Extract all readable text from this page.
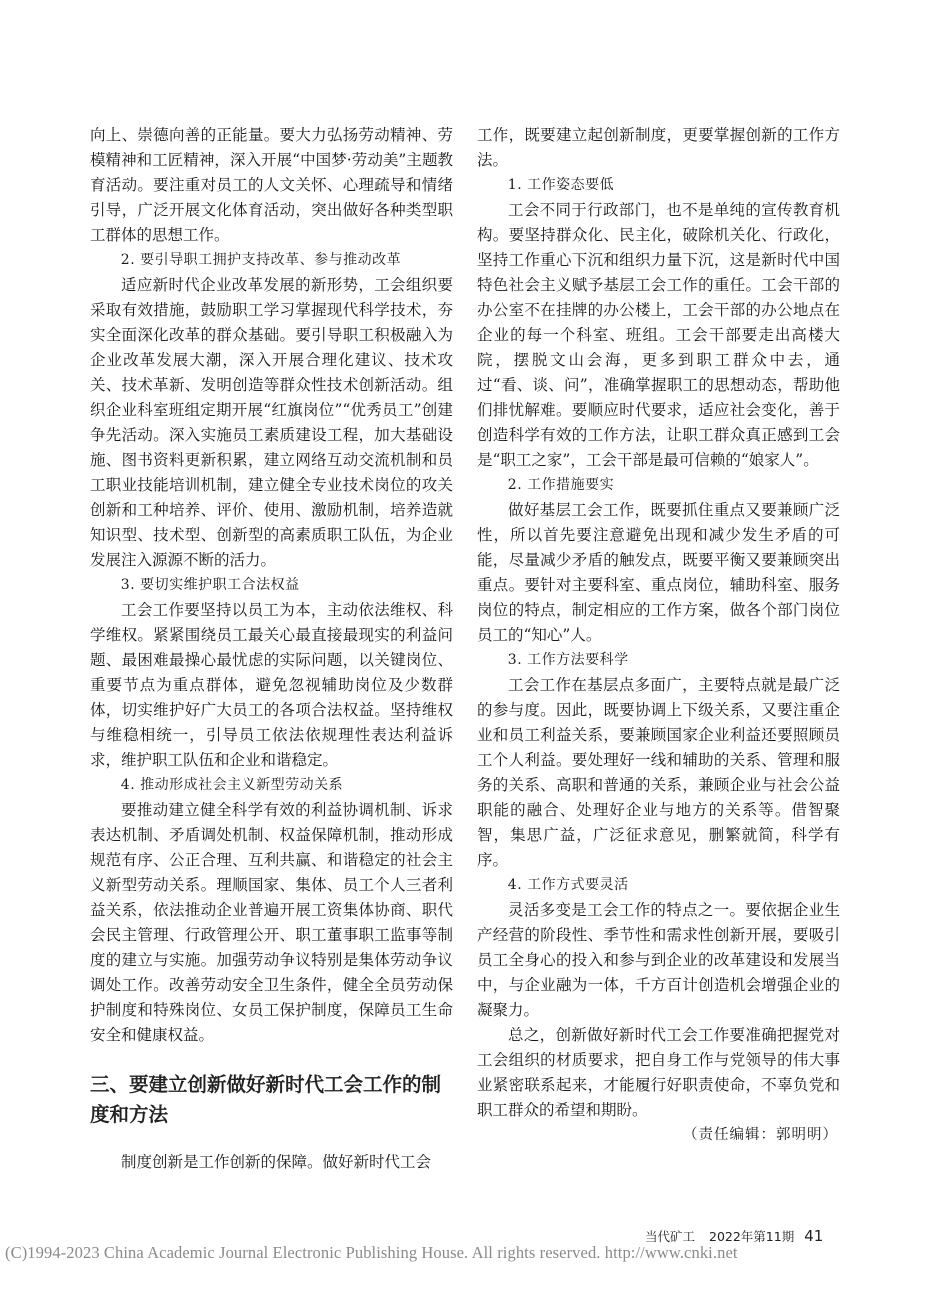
向上、崇德向善的正能量。要大力弘扬劳动精神、劳模精神和工匠精神，深入开展“中国梦·劳动美”主题教育活动。要注重对员工的人文关怀、心理疏导和情绪引导，广泛开展文化体育活动，突出做好各种类型职工群体的思想工作。

2. 要引导职工拥护支持改革、参与推动改革

适应新时代企业改革发展的新形势，工会组织要采取有效措施，鼓励职工学习掌握现代科学技术，夯实全面深化改革的群众基础。要引导职工积极融入为企业改革发展大潮，深入开展合理化建议、技术攻关、技术革新、发明创造等群众性技术创新活动。组织企业科室班组定期开展“红旗岗位”“优秀员工”创建争先活动。深入实施员工素质建设工程，加大基础设施、图书资料更新积累，建立网络互动交流机制和员工职业技能培训机制，建立健全专业技术岗位的攻关创新和工种培养、评价、使用、激励机制，培养造就知识型、技术型、创新型的高素质职工队伍，为企业发展注入源源不断的活力。

3. 要切实维护职工合法权益

工会工作要坚持以员工为本，主动依法维权、科学维权。紧紧围绕员工最关心最直接最现实的利益问题、最困难最操心最忧虑的实际问题，以关键岗位、重要节点为重点群体，避免忽视辅助岗位及少数群体，切实维护好广大员工的各项合法权益。坚持维权与维稳相统一，引导员工依法依规理性表达利益诉求，维护职工队伍和企业和谐稳定。

4. 推动形成社会主义新型劳动关系

要推动建立健全科学有效的利益协调机制、诉求表达机制、矛盾调处机制、权益保障机制，推动形成规范有序、公正合理、互利共赢、和谐稳定的社会主义新型劳动关系。理顺国家、集体、员工个人三者利益关系，依法推动企业普遍开展工资集体协商、职代会民主管理、行政管理公开、职工董事职工监事等制度的建立与实施。加强劳动争议特别是集体劳动争议调处工作。改善劳动安全卫生条件，健全全员劳动保护制度和特殊岗位、女员工保护制度，保障员工生命安全和健康权益。

三、要建立创新做好新时代工会工作的制度和方法

制度创新是工作创新的保障。做好新时代工会

工作，既要建立起创新制度，更要掌握创新的工作方法。

1. 工作姿态要低

工会不同于行政部门，也不是单纯的宣传教育机构。要坚持群众化、民主化，破除机关化、行政化，坚持工作重心下沉和组织力量下沉，这是新时代中国特色社会主义赋予基层工会工作的重任。工会干部的办公室不在挂牌的办公楼上，工会干部的办公地点在企业的每一个科室、班组。工会干部要走出高楼大院，摆脱文山会海，更多到职工群众中去，通过“看、谈、问”，准确掌握职工的思想动态，帮助他们排忧解难。要顺应时代要求，适应社会变化，善于创造科学有效的工作方法，让职工群众真正感到工会是“职工之家”，工会干部是最可信赖的“娘家人”。

2. 工作措施要实

做好基层工会工作，既要抓住重点又要兼顾广泛性，所以首先要注意避免出现和减少发生矛盾的可能，尽量减少矛盾的触发点，既要平衡又要兼顾突出重点。要针对主要科室、重点岗位，辅助科室、服务岗位的特点，制定相应的工作方案，做各个部门岗位员工的“知心”人。

3. 工作方法要科学

工会工作在基层点多面广，主要特点就是最广泛的参与度。因此，既要协调上下级关系，又要注重企业和员工利益关系，要兼顾国家企业利益还要照顾员工个人利益。要处理好一线和辅助的关系、管理和服务的关系、高职和普通的关系，兼顾企业与社会公益职能的融合、处理好企业与地方的关系等。借智聚智，集思广益，广泛征求意见，删繁就简，科学有序。

4. 工作方式要灵活

灵活多变是工会工作的特点之一。要依据企业生产经营的阶段性、季节性和需求性创新开展，要吸引员工全身心的投入和参与到企业的改革建设和发展当中，与企业融为一体，千方百计创造机会增强企业的凝聚力。

总之，创新做好新时代工会工作要准确把握党对工会组织的材质要求，把自身工作与党领导的伟大事业紧密联系起来，才能履行好职责使命，不辜负党和职工群众的希望和期盼。

（责任编辑：郭明明）

当代矿工 2022年第11期 41
(C)1994-2023 China Academic Journal Electronic Publishing House. All rights reserved. http://www.cnki.net
